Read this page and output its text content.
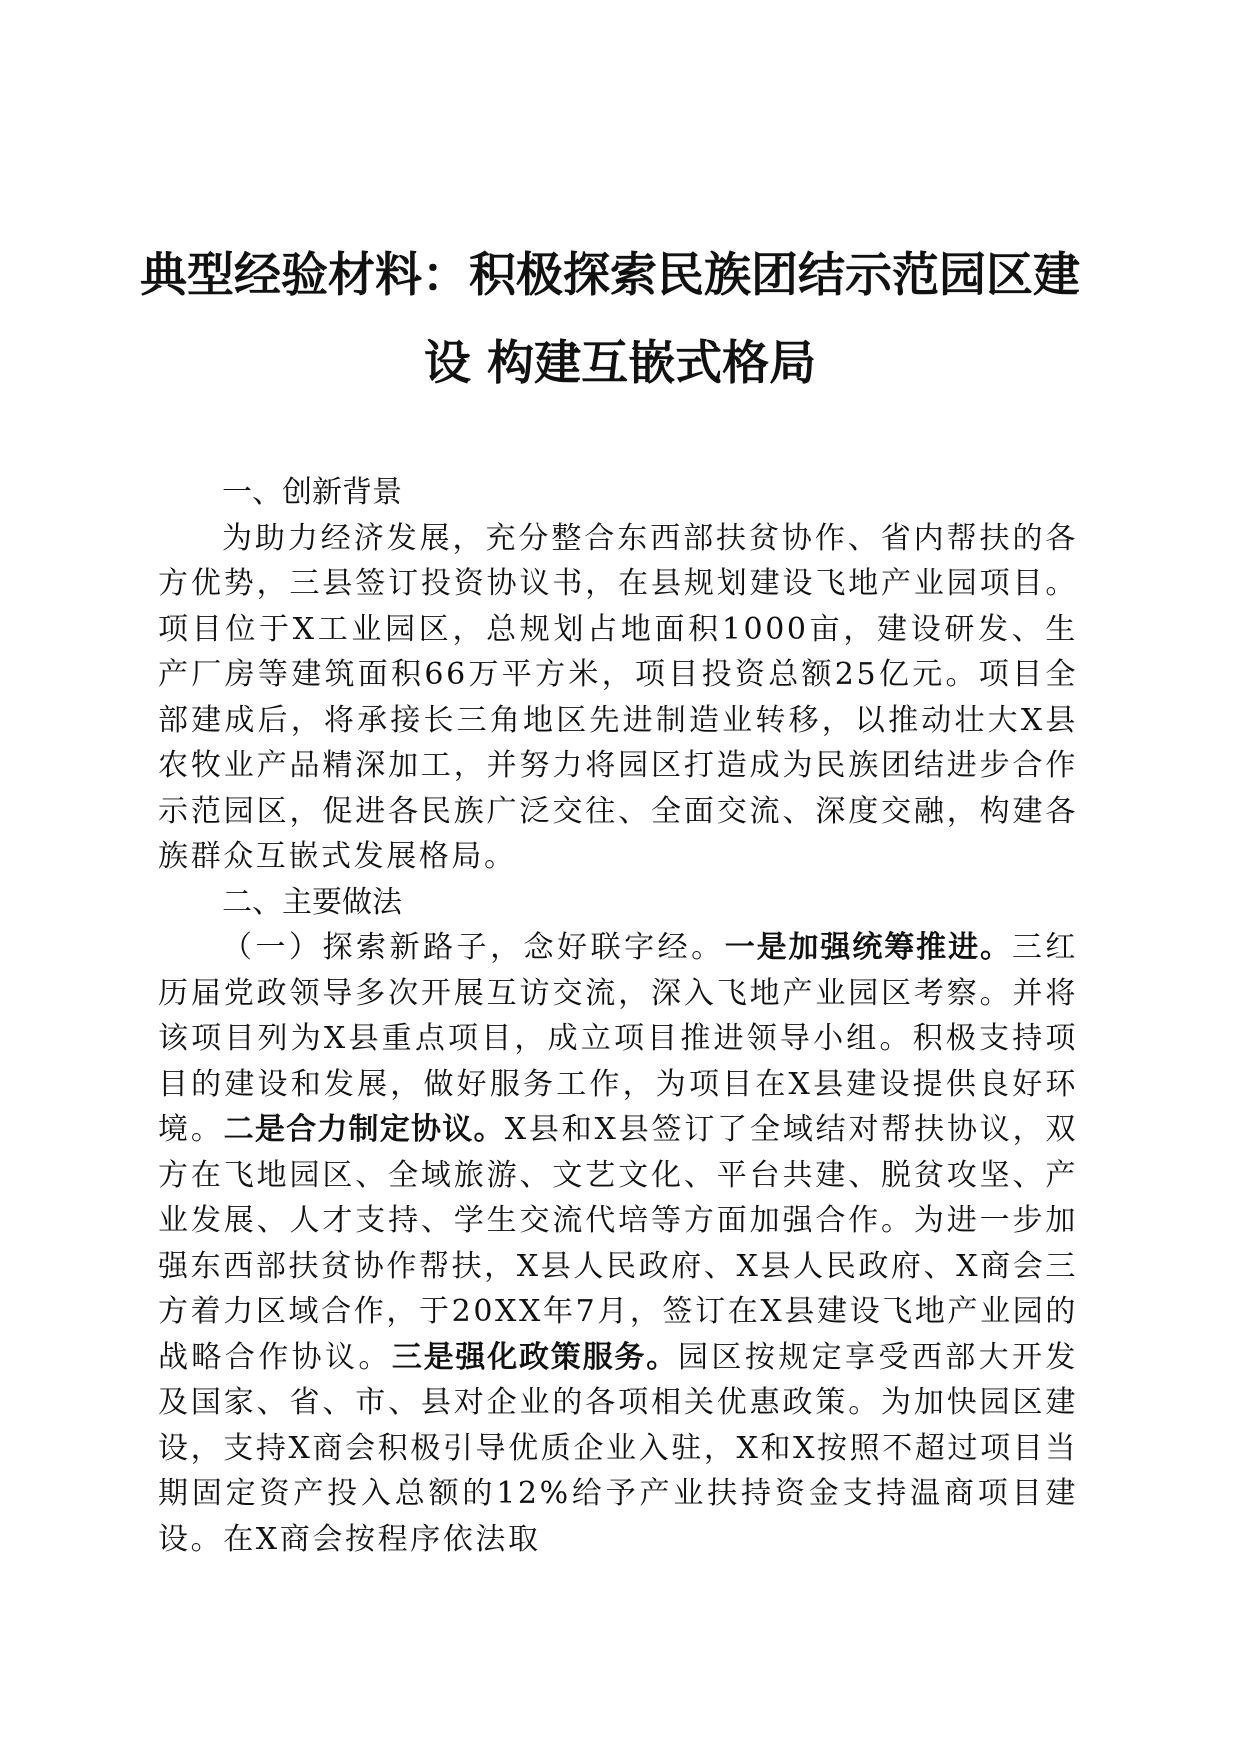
典型经验材料：积极探索民族团结示范园区建
设 构建互嵌式格局
一、创新背景

为助力经济发展，充分整合东西部扶贫协作、省内帮扶的各方优势，三县签订投资协议书，在县规划建设飞地产业园项目。项目位于X工业园区，总规划占地面积1000亩，建设研发、生产厂房等建筑面积66万平方米，项目投资总额25亿元。项目全部建成后，将承接长三角地区先进制造业转移，以推动壮大X县农牧业产品精深加工，并努力将园区打造成为民族团结进步合作示范园区，促进各民族广泛交往、全面交流、深度交融，构建各族群众互嵌式发展格局。

二、主要做法

（一）探索新路子，念好联字经。一是加强统筹推进。三红历届党政领导多次开展互访交流，深入飞地产业园区考察。并将该项目列为X县重点项目，成立项目推进领导小组。积极支持项目的建设和发展，做好服务工作，为项目在X县建设提供良好环境。二是合力制定协议。X县和X县签订了全域结对帮扶协议，双方在飞地园区、全域旅游、文艺文化、平台共建、脱贫攻坚、产业发展、人才支持、学生交流代培等方面加强合作。为进一步加强东西部扶贫协作帮扶，X县人民政府、X县人民政府、X商会三方着力区域合作，于20XX年7月，签订在X县建设飞地产业园的战略合作协议。三是强化政策服务。园区按规定享受西部大开发及国家、省、市、县对企业的各项相关优惠政策。为加快园区建设，支持X商会积极引导优质企业入驻，X和X按照不超过项目当期固定资产投入总额的12%给予产业扶持资金支持温商项目建设。在X商会按程序依法取
